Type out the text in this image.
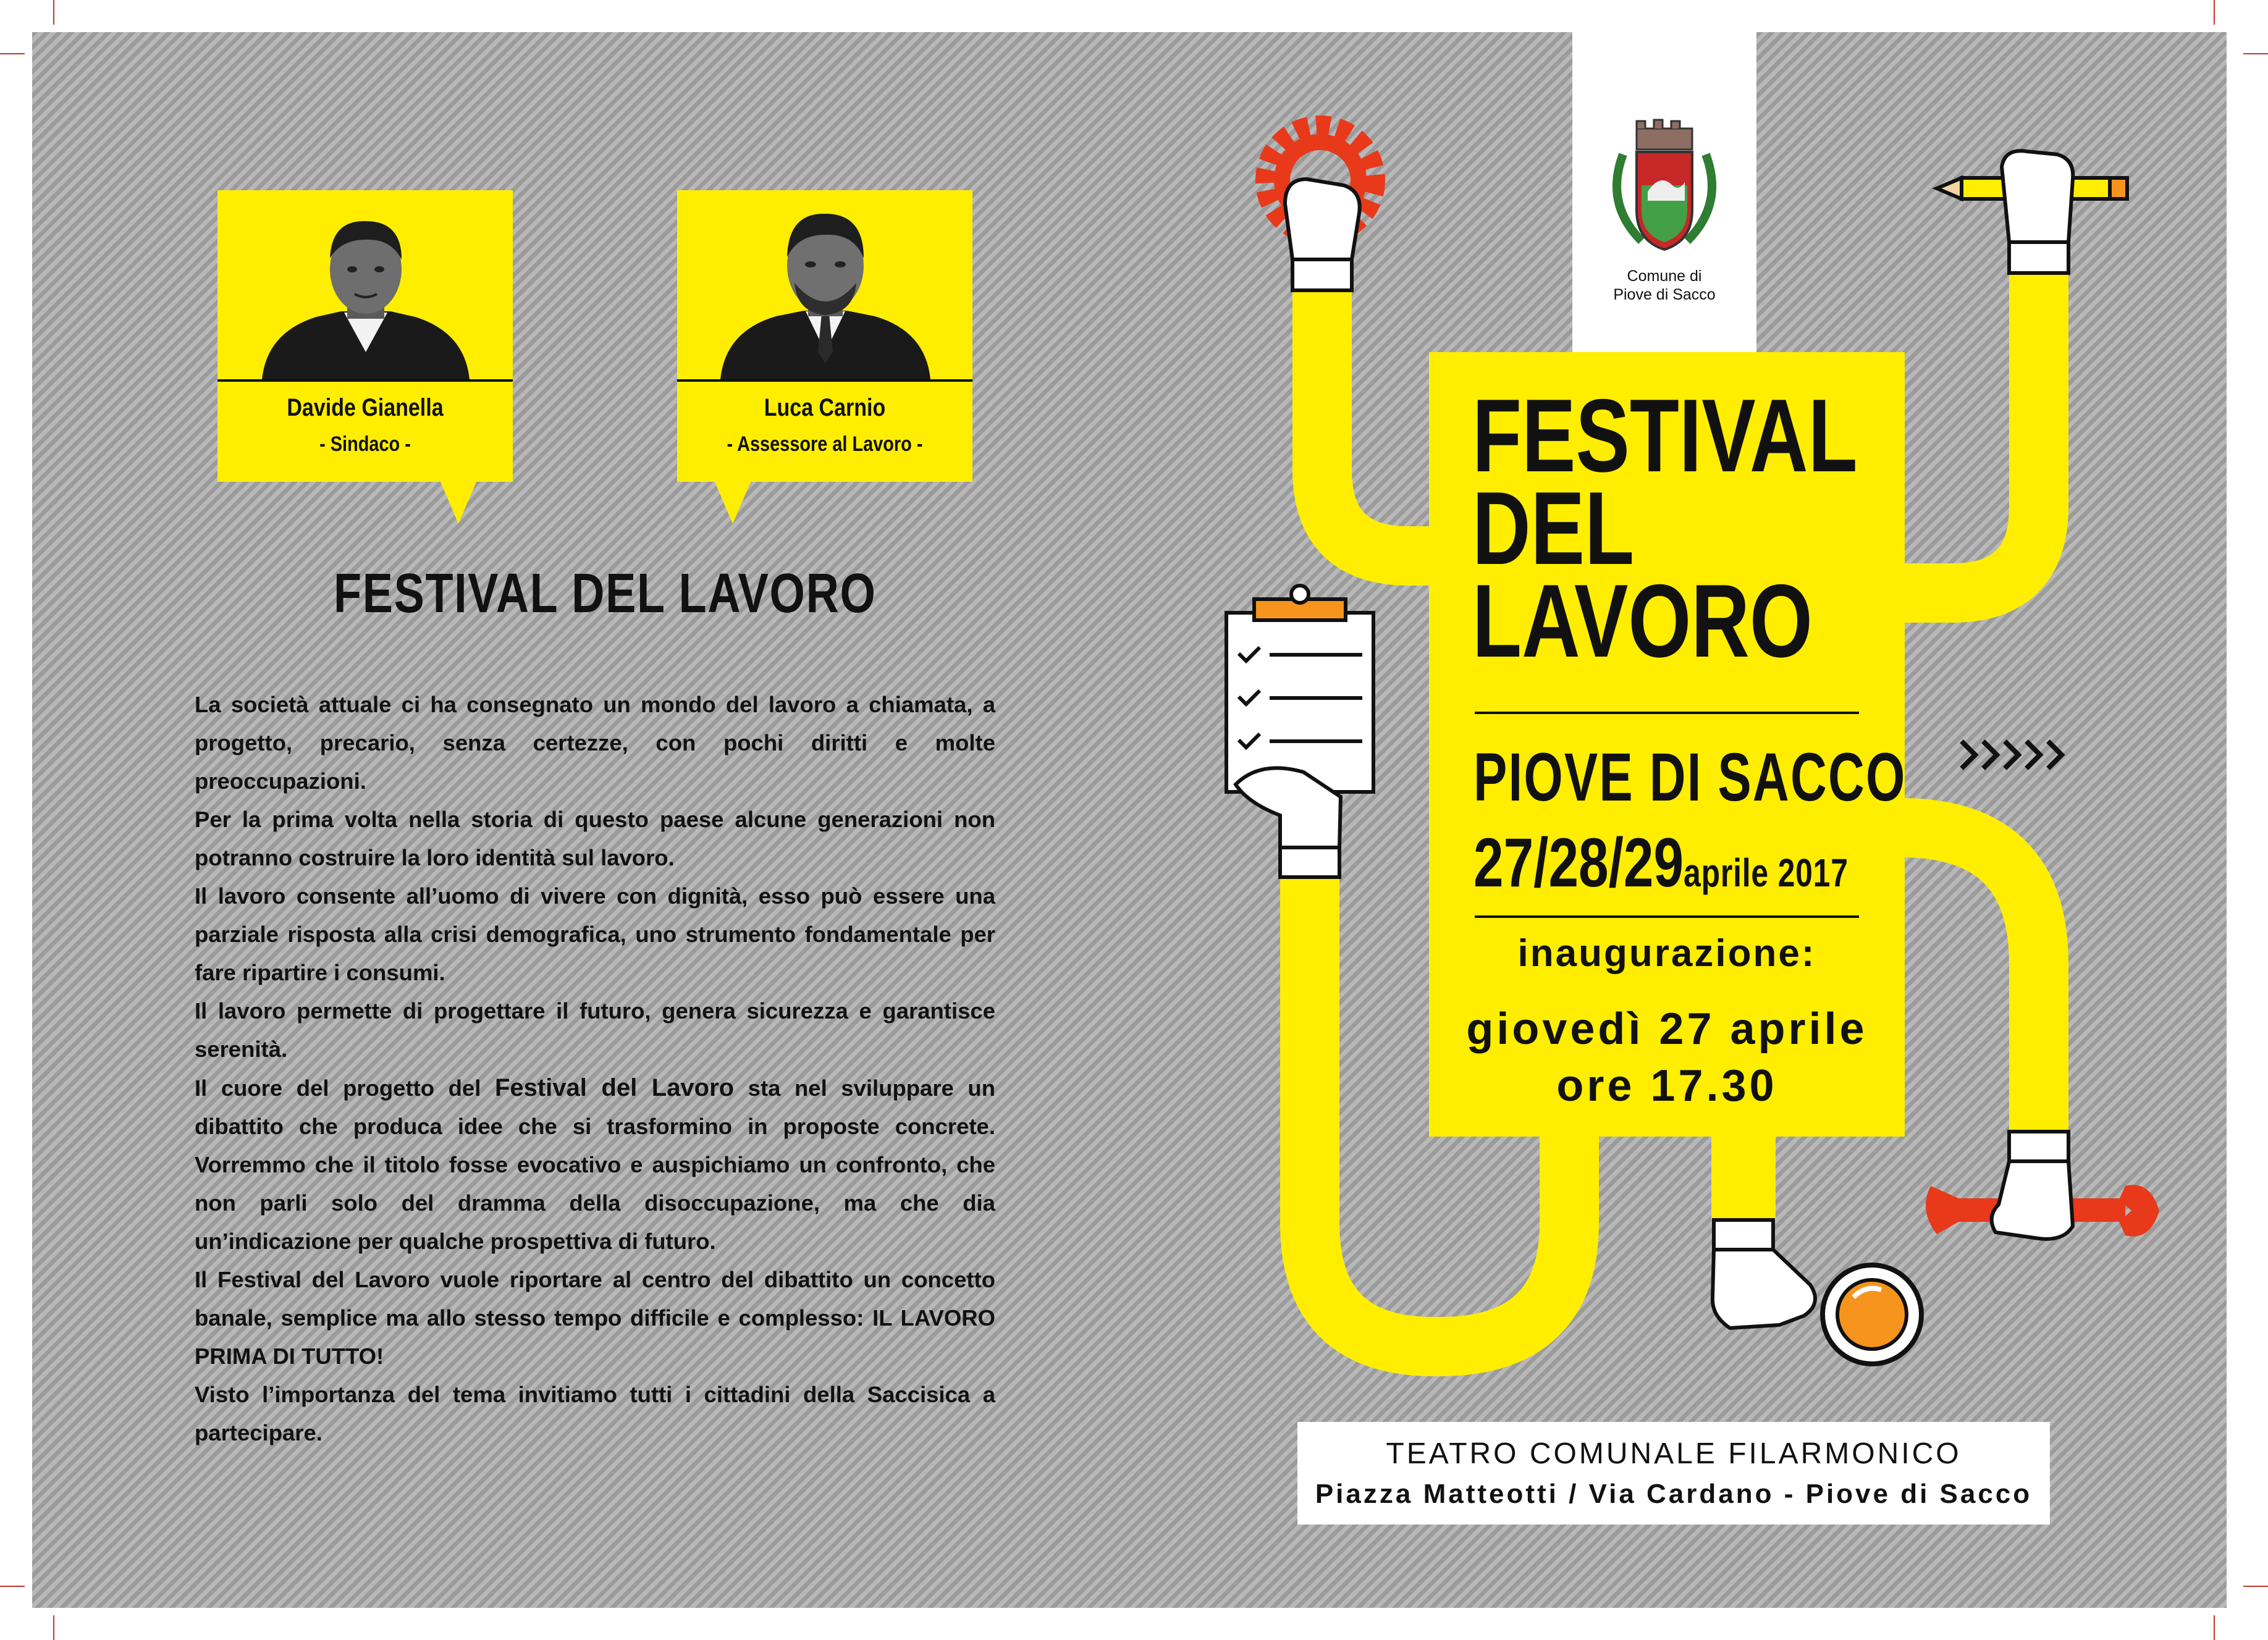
Davide Gianella
- Sindaco -
Luca Carnio
- Assessore al Lavoro -
FESTIVAL DEL LAVORO

La società attuale ci ha consegnato un mondo del lavoro a chiamata, a progetto, precario, senza certezze, con pochi diritti e molte preoccupazioni.

Per la prima volta nella storia di questo paese alcune generazioni non potranno costruire la loro identità sul lavoro.

Il lavoro consente all’uomo di vivere con dignità, esso può essere una parziale risposta alla crisi demografica, uno strumento fondamentale per fare ripartire i consumi.

Il lavoro permette di progettare il futuro, genera sicurezza e garantisce serenità.

Il cuore del progetto del Festival del Lavoro sta nel sviluppare un dibattito che produca idee che si trasformino in proposte concrete. Vorremmo che il titolo fosse evocativo e auspichiamo un confronto, che non parli solo del dramma della disoccupazione, ma che dia un’indicazione per qualche prospettiva di futuro.

Il Festival del Lavoro vuole riportare al centro del dibattito un concetto banale, semplice ma allo stesso tempo difficile e complesso: IL LAVORO PRIMA DI TUTTO!

Visto l’importanza del tema invitiamo tutti i cittadini della Saccisica a partecipare.

Comune di
Piove di Sacco
FESTIVAL
DEL
LAVORO
PIOVE DI SACCO
27/28/29aprile 2017
inaugurazione:
giovedì 27 aprile
ore 17.30
TEATRO COMUNALE FILARMONICO
Piazza Matteotti / Via Cardano - Piove di Sacco
